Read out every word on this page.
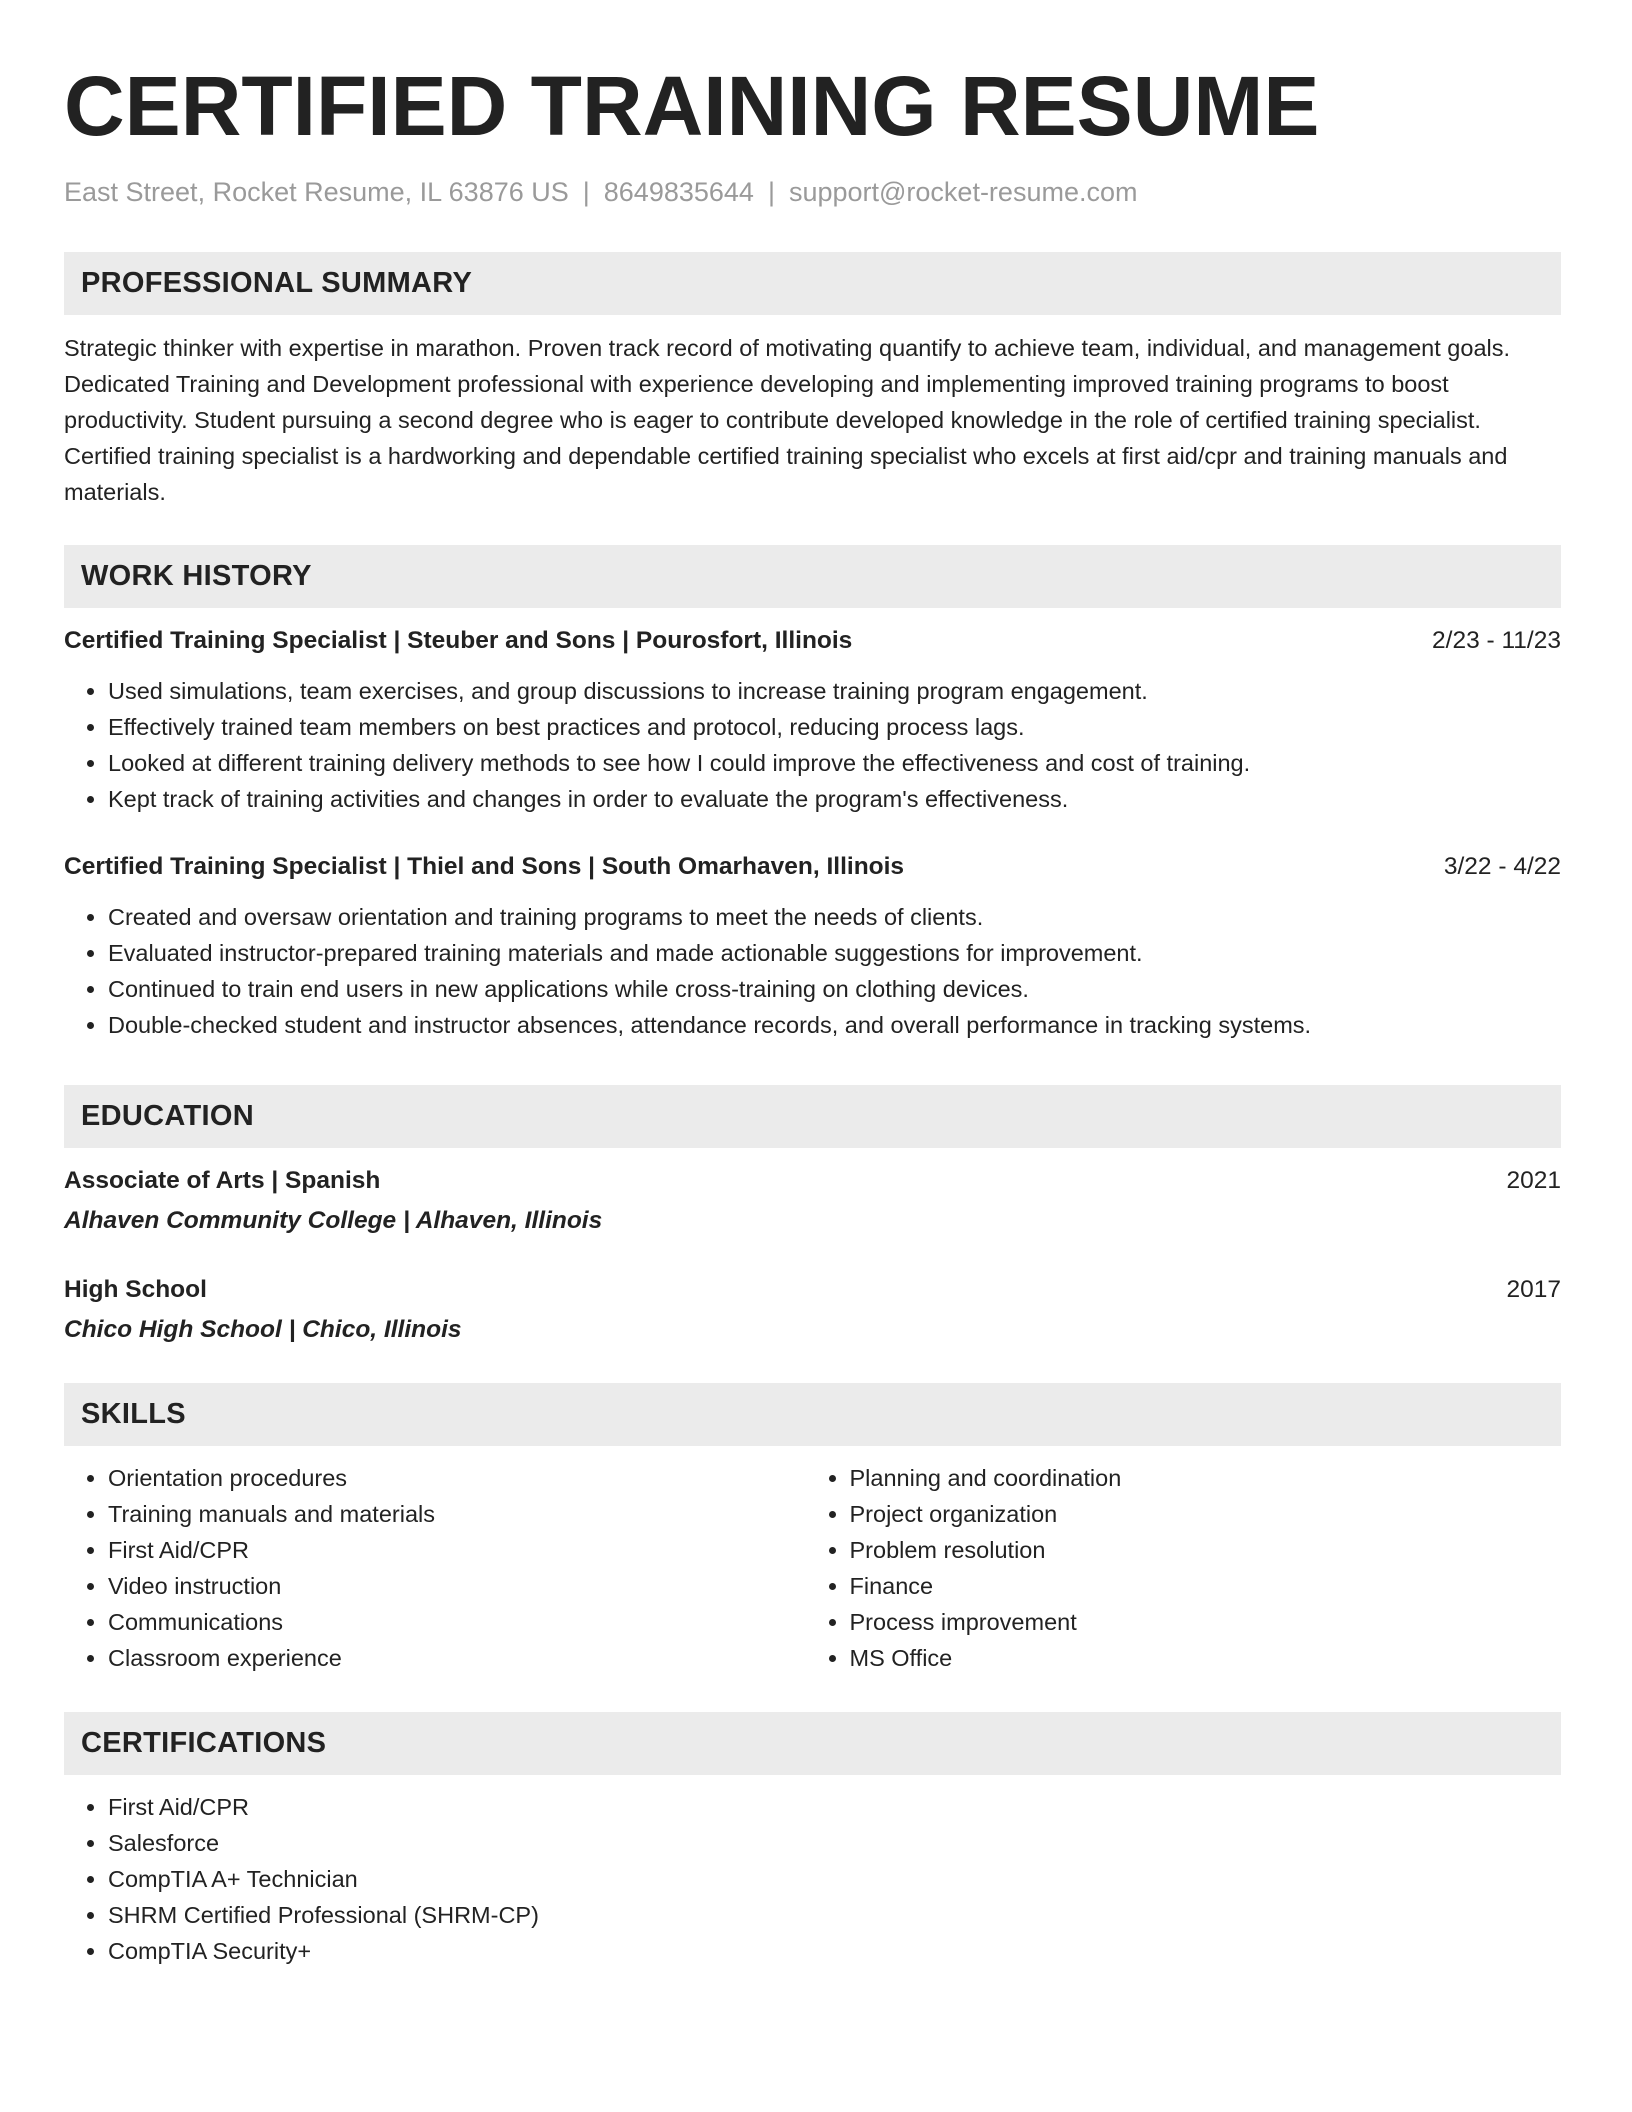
CERTIFIED TRAINING RESUME
East Street, Rocket Resume, IL 63876 US | 8649835644 | support@rocket-resume.com
PROFESSIONAL SUMMARY
Strategic thinker with expertise in marathon. Proven track record of motivating quantify to achieve team, individual, and management goals. Dedicated Training and Development professional with experience developing and implementing improved training programs to boost productivity. Student pursuing a second degree who is eager to contribute developed knowledge in the role of certified training specialist. Certified training specialist is a hardworking and dependable certified training specialist who excels at first aid/cpr and training manuals and materials.
WORK HISTORY
Certified Training Specialist | Steuber and Sons | Pourosfort, Illinois	2/23 - 11/23
• Used simulations, team exercises, and group discussions to increase training program engagement.
• Effectively trained team members on best practices and protocol, reducing process lags.
• Looked at different training delivery methods to see how I could improve the effectiveness and cost of training.
• Kept track of training activities and changes in order to evaluate the program's effectiveness.
Certified Training Specialist | Thiel and Sons | South Omarhaven, Illinois	3/22 - 4/22
• Created and oversaw orientation and training programs to meet the needs of clients.
• Evaluated instructor-prepared training materials and made actionable suggestions for improvement.
• Continued to train end users in new applications while cross-training on clothing devices.
• Double-checked student and instructor absences, attendance records, and overall performance in tracking systems.
EDUCATION
Associate of Arts | Spanish	2021
Alhaven Community College | Alhaven, Illinois
High School	2017
Chico High School | Chico, Illinois
SKILLS
• Orientation procedures
• Training manuals and materials
• First Aid/CPR
• Video instruction
• Communications
• Classroom experience
• Planning and coordination
• Project organization
• Problem resolution
• Finance
• Process improvement
• MS Office
CERTIFICATIONS
• First Aid/CPR
• Salesforce
• CompTIA A+ Technician
• SHRM Certified Professional (SHRM-CP)
• CompTIA Security+
